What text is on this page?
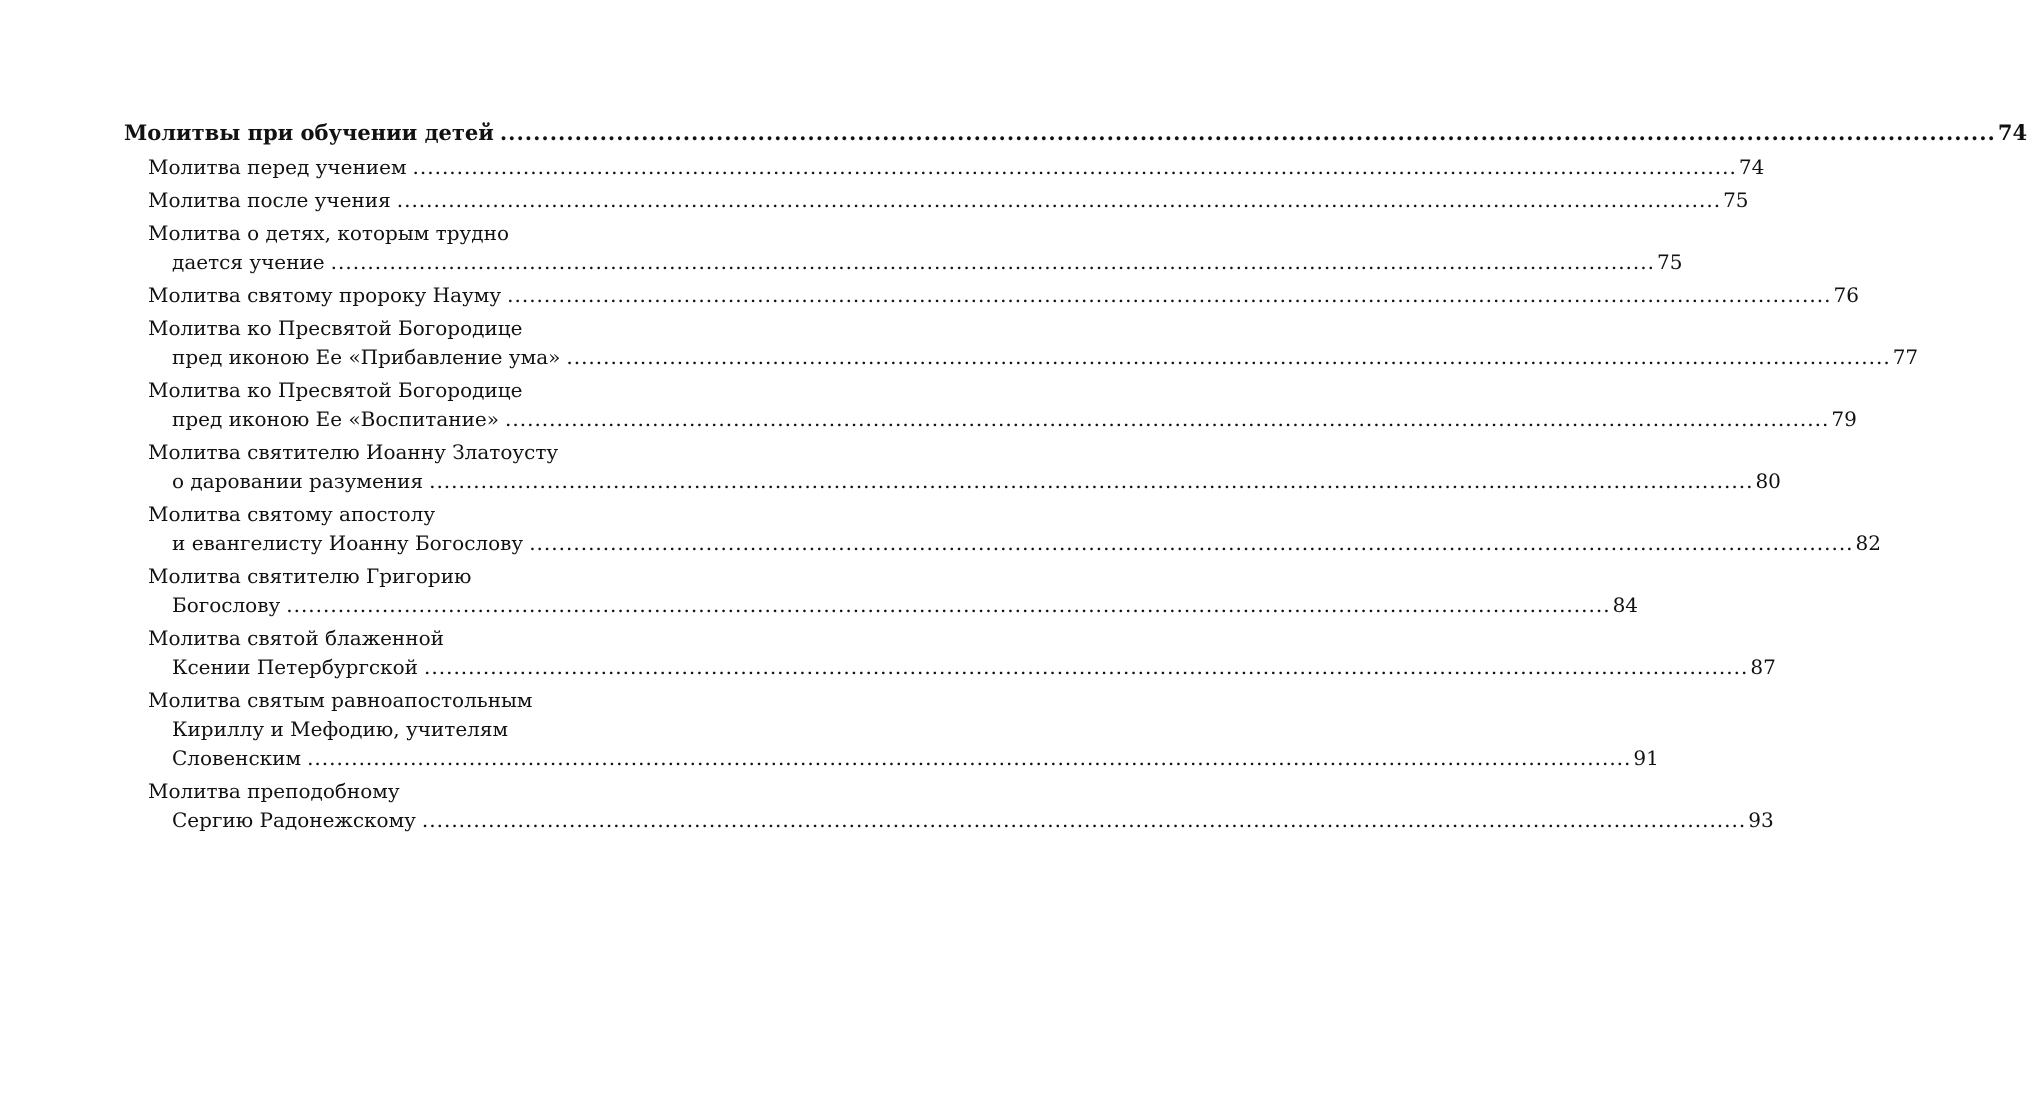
Молитвы при обучении детей .....	74
Молитва перед учением .....	74
Молитва после учения .....	75
Молитва о детях, которым трудно
дается учение .....	75
Молитва святому пророку Науму .....	76
Молитва ко Пресвятой Богородице
пред иконою Ее «Прибавление ума» .....	77
Молитва ко Пресвятой Богородице
пред иконою Ее «Воспитание» .....	79
Молитва святителю Иоанну Златоусту
о даровании разумения .....	80
Молитва святому апостолу
и евангелисту Иоанну Богослову .....	82
Молитва святителю Григорию
Богослову .....	84
Молитва святой блаженной
Ксении Петербургской .....	87
Молитва святым равноапостольным
Кириллу и Мефодию, учителям
Словенским .....	91
Молитва преподобному
Сергию Радонежскому .....	93
